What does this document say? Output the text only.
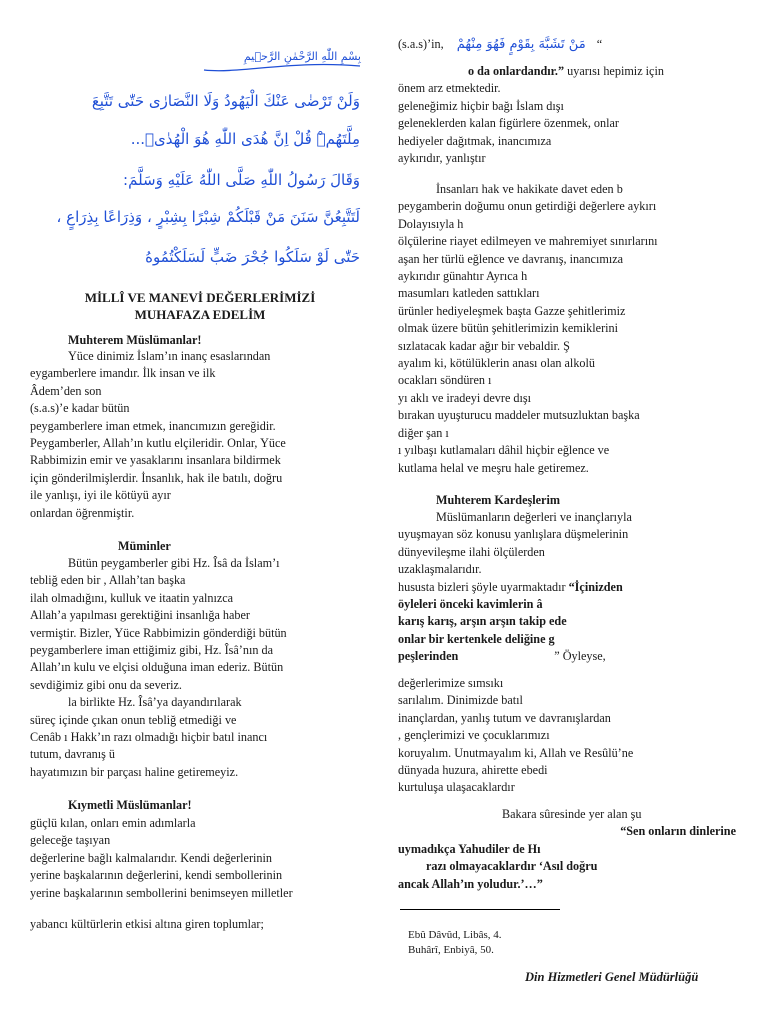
بِسْمِ اللّٰهِ الرَّحْمٰنِ الرَّح۪يمِ
وَلَنْ تَرْضٰى عَنْكَ الْيَهُودُ وَلَا النَّصَارٰى حَتّٰى تَتَّبِعَ
مِلَّتَهُمْۜ قُلْ اِنَّ هُدَى اللّٰهِ هُوَ الْهُدٰىۜ...
وَقَالَ رَسُولُ اللّٰهِ صَلَّى اللّٰهُ عَلَيْهِ وَسَلَّمَ:
لَتَتَّبِعُنَّ سَنَنَ مَنْ قَبْلَكُمْ شِبْرًا بِشِبْرٍ ، وَذِرَاعًا بِذِرَاعٍ ،
حَتّٰى لَوْ سَلَكُوا جُحْرَ ضَبٍّ لَسَلَكْتُمُوهُ
MİLLÎ VE MANEVİ DEĞERLERİMİZİ
MUHAFAZA EDELİM
Muhterem Müslümanlar!

Yüce dinimiz İslam’ın inanç esaslarından

eygamberlere imandır. İlk insan ve ilk

Âdem’den son

(s.a.s)’e kadar bütün

peygamberlere iman etmek, inancımızın gereğidir.

Peygamberler, Allah’ın kutlu elçileridir. Onlar, Yüce

Rabbimizin emir ve yasaklarını insanlara bildirmek

için gönderilmişlerdir. İnsanlık, hak ile batılı, doğru

ile yanlışı, iyi ile kötüyü ayır

onlardan öğrenmiştir.

Müminler

Bütün peygamberler gibi Hz. Îsâ da İslam’ı

tebliğ eden bir , Allah’tan başka

ilah olmadığını, kulluk ve itaatin yalnızca

Allah’a yapılması gerektiğini insanlığa haber

vermiştir. Bizler, Yüce Rabbimizin gönderdiği bütün

peygamberlere iman ettiğimiz gibi, Hz. Îsâ’nın da

Allah’ın kulu ve elçisi olduğuna iman ederiz. Bütün

sevdiğimiz gibi onu da severiz.

la birlikte Hz. Îsâ’ya dayandırılarak

süreç içinde çıkan onun tebliğ etmediği ve

Cenâb ı Hakk’ın razı olmadığı hiçbir batıl inancı

tutum, davranış ü

hayatımızın bir parçası haline getiremeyiz.

Kıymetli Müslümanlar!

güçlü kılan, onları emin adımlarla

geleceğe taşıyan

değerlerine bağlı kalmalarıdır. Kendi değerlerinin

yerine başkalarının değerlerini, kendi sembollerinin

yerine başkalarının sembollerini benimseyen milletler

yabancı kültürlerin etkisi altına giren toplumlar;

(s.a.s)’in, مَنْ تَشَبَّهَ بِقَوْمٍ فَهُوَ مِنْهُمْ “

o da onlardandır.” uyarısı hepimiz için

önem arz etmektedir.

geleneğimiz hiçbir bağı İslam dışı

geleneklerden kalan figürlere özenmek, onlar

hediyeler dağıtmak, inancımıza

aykırıdır, yanlıştır

İnsanları hak ve hakikate davet eden b

peygamberin doğumu onun getirdiği değerlere aykırı

Dolayısıyla h

ölçülerine riayet edilmeyen ve mahremiyet sınırlarını

aşan her türlü eğlence ve davranış, inancımıza

aykırıdır günahtır Ayrıca h

masumları katleden sattıkları

ürünler hediyeleşmek başta Gazze şehitlerimiz

olmak üzere bütün şehitlerimizin kemiklerini

sızlatacak kadar ağır bir vebaldir. Ş

ayalım ki, kötülüklerin anası olan alkolü

ocakları söndüren ı

yı aklı ve iradeyi devre dışı

bırakan uyuşturucu maddeler mutsuzluktan başka

diğer şan ı

ı yılbaşı kutlamaları dâhil hiçbir eğlence ve

kutlama helal ve meşru hale getiremez.

Muhterem Kardeşlerim

Müslümanların değerleri ve inançlarıyla

uyuşmayan söz konusu yanlışlara düşmelerinin

dünyevileşme ilahi ölçülerden

uzaklaşmalarıdır.

hususta bizleri şöyle uyarmaktadır “İçinizden

öyleleri önceki kavimlerin â

karış karış, arşın arşın takip ede

onlar bir kertenkele deliğine g

peşlerinden	” Öyleyse,

değerlerimize sımsıkı

sarılalım. Dinimizde batıl

inançlardan, yanlış tutum ve davranışlardan

, gençlerimizi ve çocuklarımızı

koruyalım. Unutmayalım ki, Allah ve Resûlü’ne

dünyada huzura, ahirette ebedi

kurtuluşa ulaşacaklardır

Bakara sûresinde yer alan şu

“Sen onların dinlerine

uymadıkça Yahudiler de Hı

razı olmayacaklardır ‘Asıl doğru

ancak Allah’ın yoludur.’…”

Ebû Dâvûd, Libâs, 4.
Buhârî, Enbiyâ, 50.
Din Hizmetleri Genel Müdürlüğü
